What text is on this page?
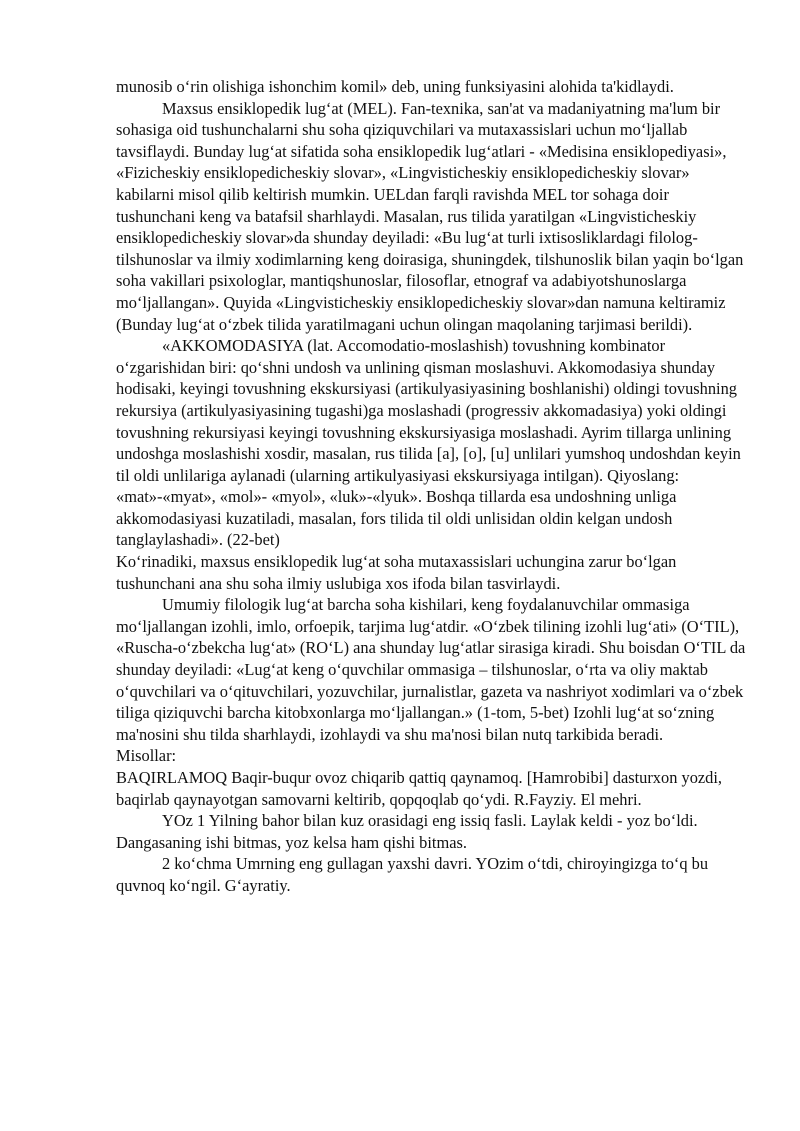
munosib o‘rin olishiga ishonchim komil» deb, uning funksiyasini alohida ta'kidlaydi.

Maxsus ensiklopedik lug‘at (MEL). Fan-texnika, san'at va madaniyatning ma'lum bir sohasiga oid tushunchalarni shu soha qiziquvchilari va mutaxassislari uchun mo‘ljallab tavsiflaydi. Bunday lug‘at sifatida soha ensiklopedik lug‘atlari - «Medisina ensiklopediyasi», «Fizicheskiy ensiklopedicheskiy slovar», «Lingvisticheskiy ensiklopedicheskiy slovar» kabilarni misol qilib keltirish mumkin. UELdan farqli ravishda MEL tor sohaga doir tushunchani keng va batafsil sharhlaydi. Masalan, rus tilida yaratilgan «Lingvisticheskiy ensiklopedicheskiy slovar»da shunday deyiladi: «Bu lug‘at turli ixtisosliklardagi filolog-tilshunoslar va ilmiy xodimlarning keng doirasiga, shuningdek, tilshunoslik bilan yaqin bo‘lgan soha vakillari psixologlar, mantiqshunoslar, filosoflar, etnograf va adabiyotshunoslarga mo‘ljallangan». Quyida «Lingvisticheskiy ensiklopedicheskiy slovar»dan namuna keltiramiz (Bunday lug‘at o‘zbek tilida yaratilmagani uchun olingan maqolaning tarjimasi berildi).

«AKKOMODASIYA (lat. Accomodatio-moslashish) tovushning kombinator o‘zgarishidan biri: qo‘shni undosh va unlining qisman moslashuvi. Akkomodasiya shunday hodisaki, keyingi tovushning ekskursiyasi (artikulyasiyasining boshlanishi) oldingi tovushning rekursiya (artikulyasiyasining tugashi)ga moslashadi (progressiv akkomadasiya) yoki oldingi tovushning rekursiyasi keyingi tovushning ekskursiyasiga moslashadi. Ayrim tillarga unlining undoshga moslashishi xosdir, masalan, rus tilida [a], [o], [u] unlilari yumshoq undoshdan keyin til oldi unlilariga aylanadi (ularning artikulyasiyasi ekskursiyaga intilgan). Qiyoslang: «mat»-«myat», «mol»- «myol», «luk»-«lyuk». Boshqa tillarda esa undoshning unliga akkomodasiyasi kuzatiladi, masalan, fors tilida til oldi unlisidan oldin kelgan undosh tanglaylashadi». (22-bet)

Ko‘rinadiki, maxsus ensiklopedik lug‘at soha mutaxassislari uchungina zarur bo‘lgan tushunchani ana shu soha ilmiy uslubiga xos ifoda bilan tasvirlaydi.

Umumiy filologik lug‘at barcha soha kishilari, keng foydalanuvchilar ommasiga mo‘ljallangan izohli, imlo, orfoepik, tarjima lug‘atdir. «O‘zbek tilining izohli lug‘ati» (O‘TIL), «Ruscha-o‘zbekcha lug‘at» (RO‘L) ana shunday lug‘atlar sirasiga kiradi. Shu boisdan O‘TIL da shunday deyiladi: «Lug‘at keng o‘quvchilar ommasiga – tilshunoslar, o‘rta va oliy maktab o‘quvchilari va o‘qituvchilari, yozuvchilar, jurnalistlar, gazeta va nashriyot xodimlari va o‘zbek tiliga qiziquvchi barcha kitobxonlarga mo‘ljallangan.» (1-tom, 5-bet) Izohli lug‘at so‘zning ma'nosini shu tilda sharhlaydi, izohlaydi va shu ma'nosi bilan nutq tarkibida beradi.

Misollar:

BAQIRLAMOQ Baqir-buqur ovoz chiqarib qattiq qaynamoq. [Hamrobibi] dasturxon yozdi, baqirlab qaynayotgan samovarni keltirib, qopqoqlab qo‘ydi. R.Fayziy. El mehri.

YOz 1 Yilning bahor bilan kuz orasidagi eng issiq fasli. Laylak keldi - yoz bo‘ldi. Dangasaning ishi bitmas, yoz kelsa ham qishi bitmas.

2 ko‘chma Umrning eng gullagan yaxshi davri. YOzim o‘tdi, chiroyingizga to‘q bu quvnoq ko‘ngil. G‘ayratiy.
